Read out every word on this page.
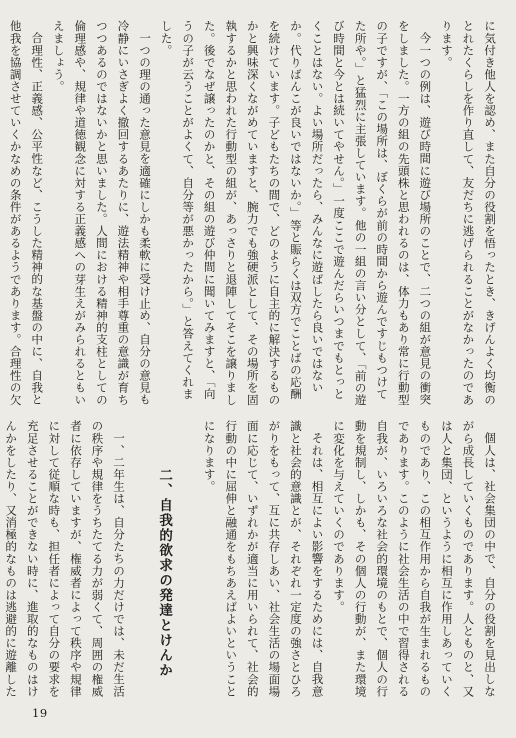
に気付き他人を認め、また自分の役割を悟ったとき、きげんよく均衡のとれたくらしを作り直して、友だちに逃げられることがなかったのであります。

今一つの例は、遊び時間に遊び場所のことで、二つの組が意見の衝突をしました。一方の組の先頭株と思われるのは、体力もあり常に行動型の子ですが、「この場所は、ぼくらが前の時間から遊んですじもつけてた所や。」と猛烈に主張しています。他の一組の言い分として、「前の遊び時間と今とは続いてやせん。」一度ここで遊んだらいつまでもとっとくことはない。よい場所だったら、みんなに遊ばしたら良いではないか。代りばんこが良いではないか。」等と賑らくは双方でことばの応酬を続けています。子どもたちの間で、どのように自主的に解決するものかと興味深くながめていますと、腕力でも強硬派として、その場所を固執するかと思われた行動型の組が、あっさりと退陣してそこを譲りました。後でなぜ譲ったのかと、その組の遊び仲間に聞いてみますと、「向うの子が云うことがよくて、自分等が悪かったから。」と答えてくれました。

一つの理の通った意見を適確にしかも柔軟に受け止め、自分の意見も冷静にいさぎよく撤回するあたりに、遊法精神や相手尊重の意識が育ちつつあるのではないかと思いました。人間における精神的支柱としての倫理感や、規律や道徳観念に対する正義感への芽生えがみられるともいえましょう。

合理性、正義感、公平性など、こうした精神的な基盤の中に、自我と他我を協調させていくかなめの条件があるようであります。合理性の欠

個人は、社会集団の中で、自分の役割を見出しながら成長していくものであります。人とものと、又は人と集団、というように相互に作用しあっていくものであり、この相互作用から自我が生まれるものであります。このように社会生活の中で習得される自我が、いろいろな社会的環境のもとで、個人の行動を規制し、しかも、その個人の行動が、また環境に変化を与えていくのであります。

それは、相互によい影響をするためには、自我意識と社会的意識とが、それぞれ一定度の強さとひろがりをもって、互に共存しあい、社会生活の場面場面に応じて、いずれかが適当に用いられて、社会的行動の中に屈伸と融通をもちあえばよいということになります。

二、自我的欲求の発達とけんか

一、二年生は、自分たちの力だけでは、未だ生活の秩序や規律をうちたてる力が弱くて、周囲の権威者に依存していますが、権威者によって秩序や規律に対して従順な時も、担任者によって自分の要求を充足させることができない時に、進取的なものはけんかをしたり、又消極的なものは逃避的に遊離した

19
